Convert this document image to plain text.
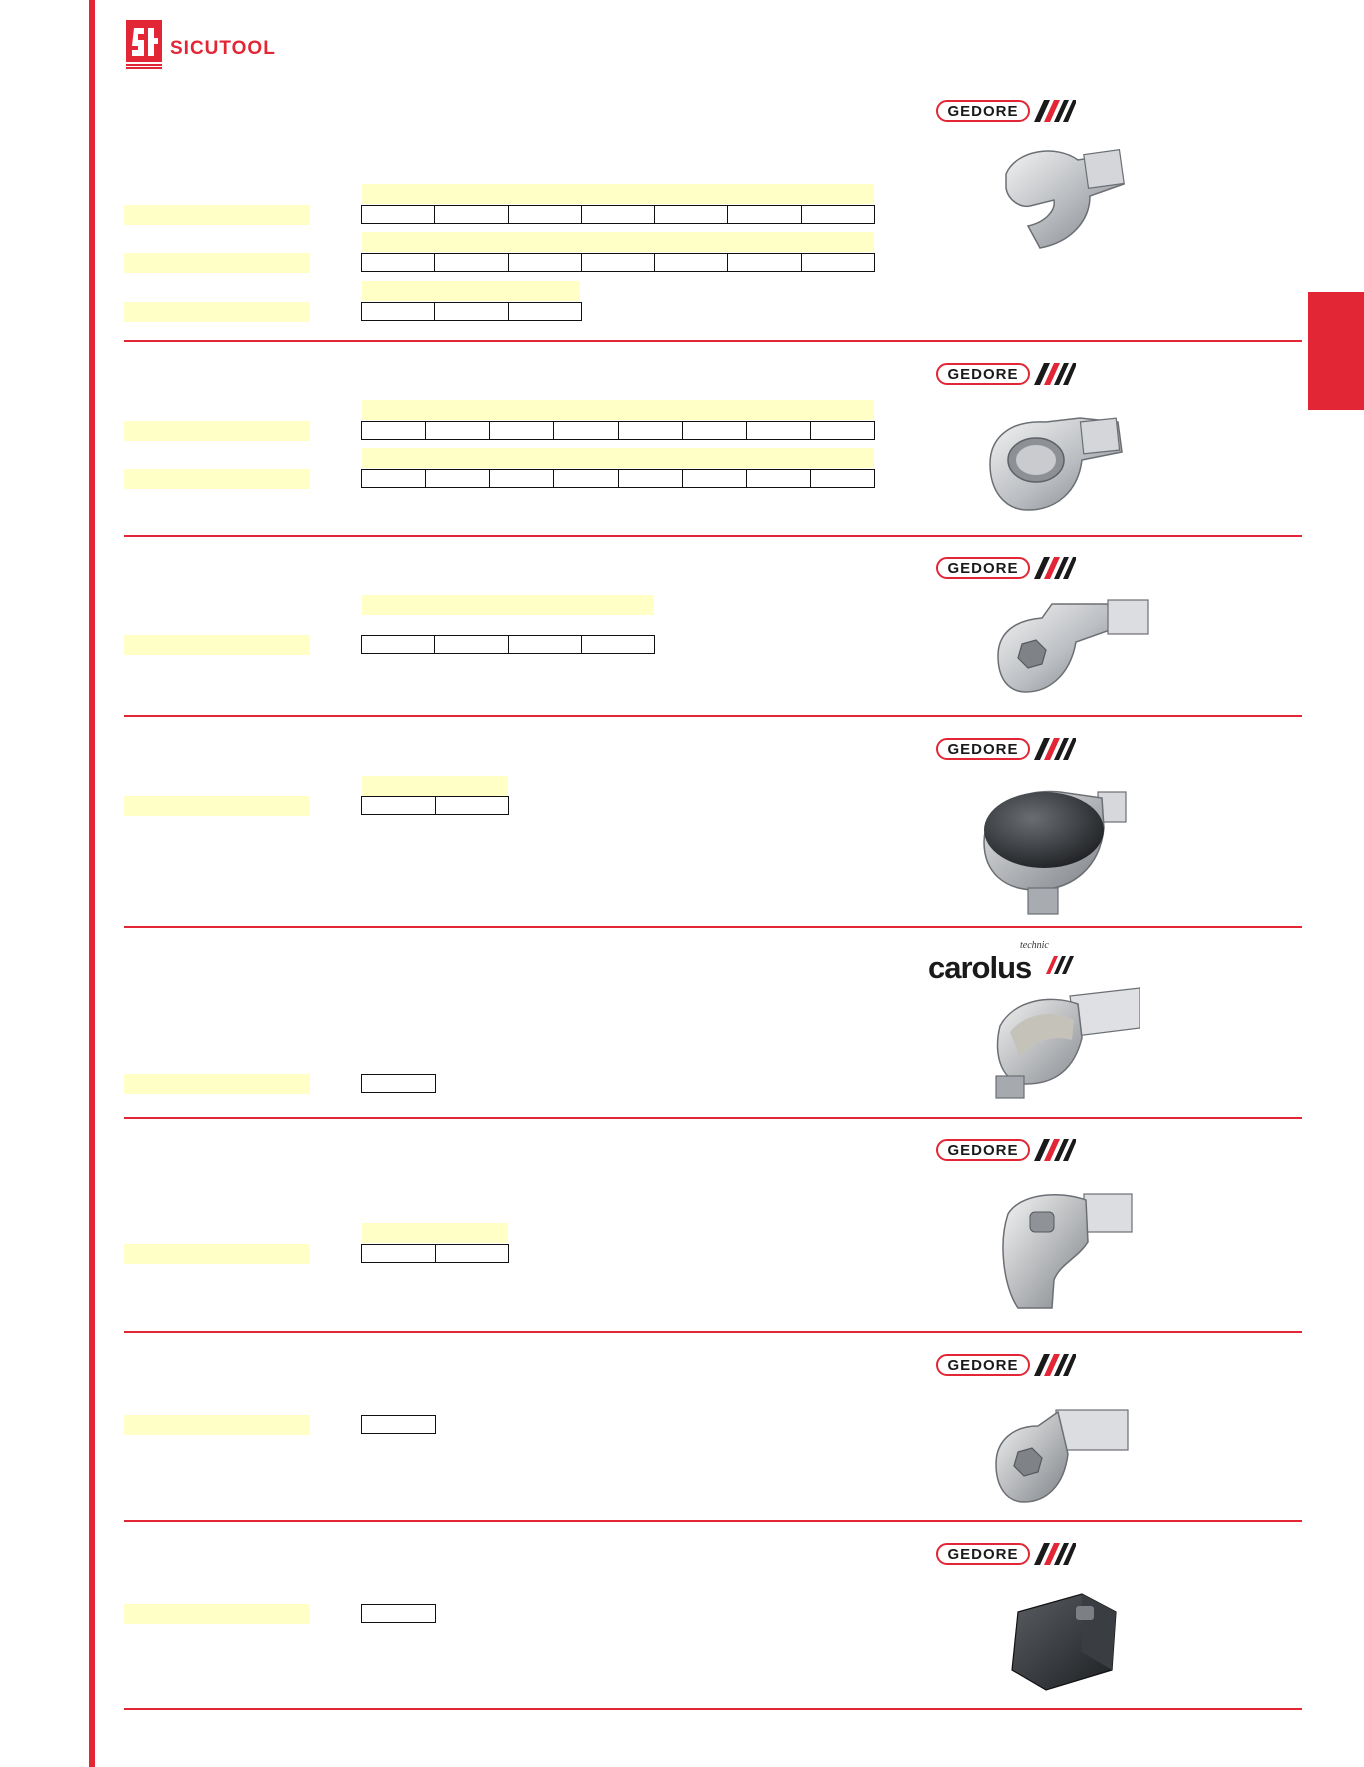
SICUTOOL
GEDORE
GEDORE
GEDORE
GEDORE
carolus
technic
GEDORE
GEDORE
GEDORE
